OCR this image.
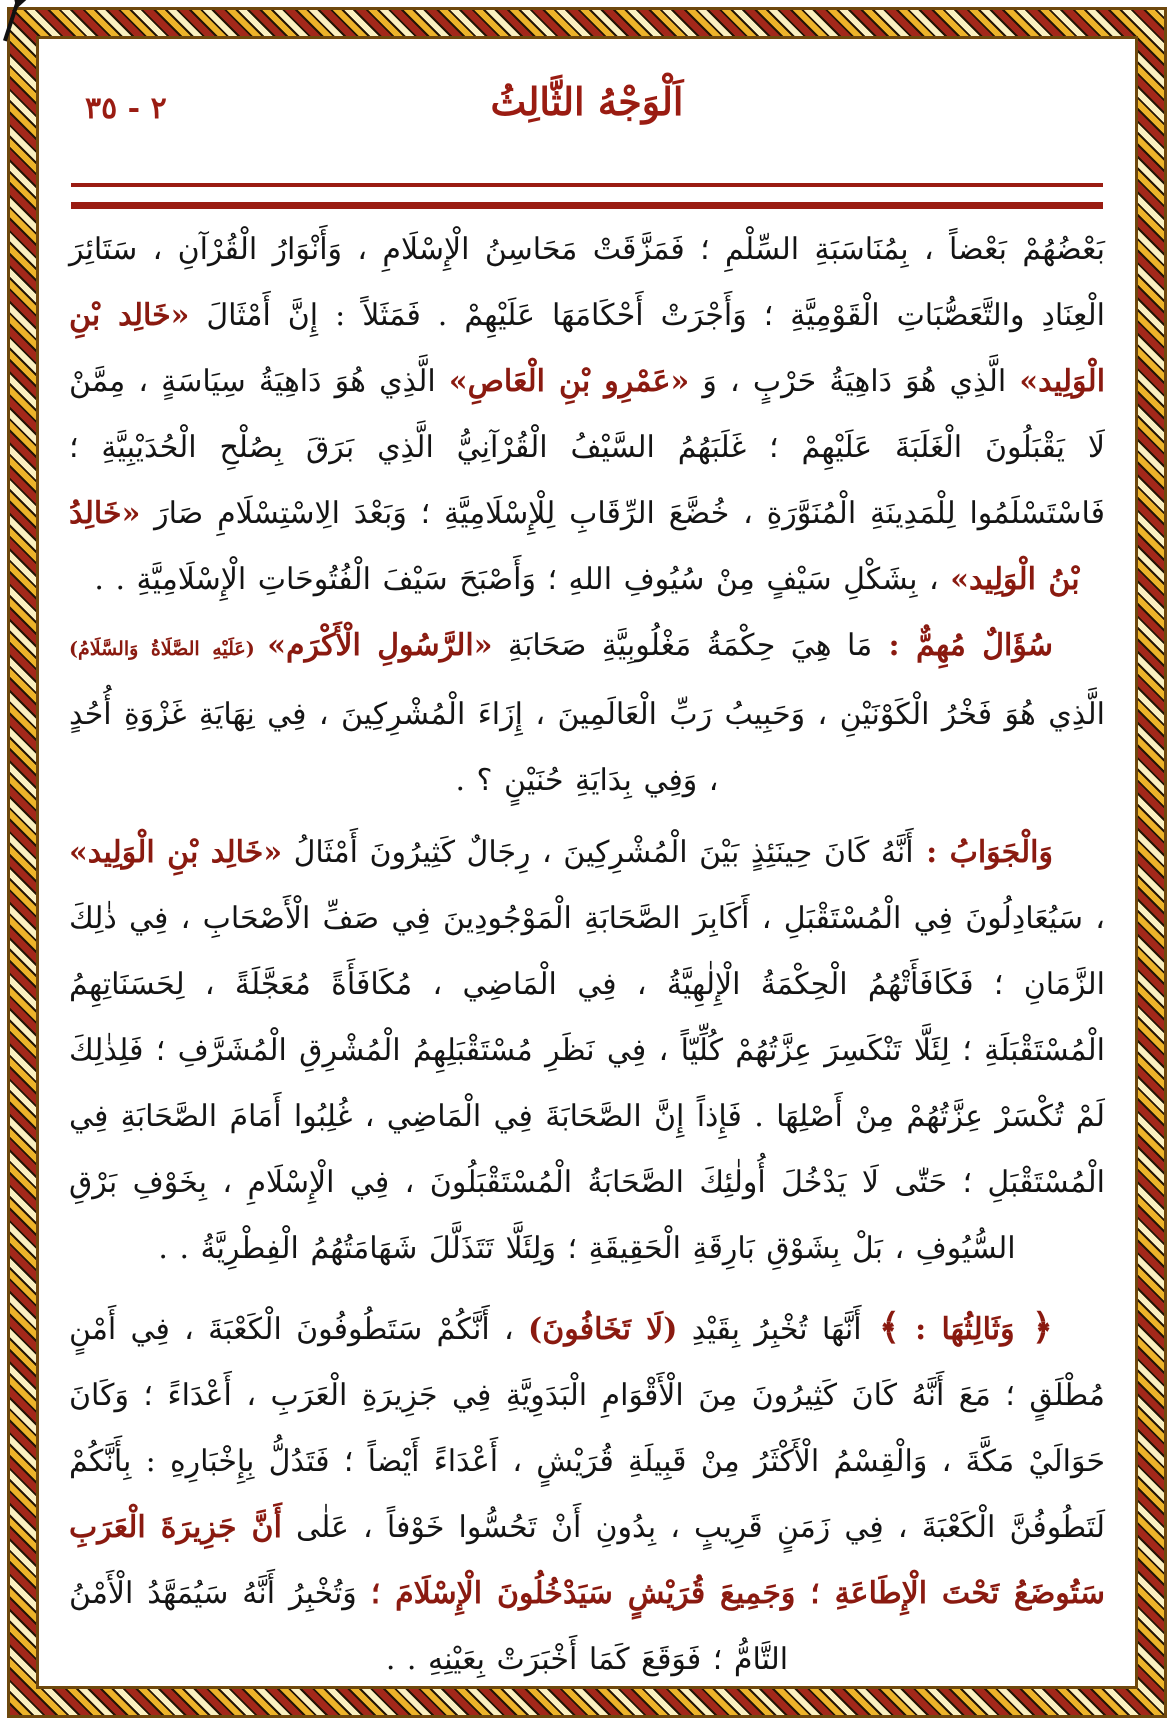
٣٥ - ٢	اَلْوَجْهُ الثَّالِثُ

بَعْضُهُمْ بَعْضاً ، بِمُنَاسَبَةِ السِّلْمِ ؛ فَمَزَّقَتْ مَحَاسِنُ الْإِسْلَامِ ، وَأَنْوَارُ الْقُرْآنِ ، سَتَائِرَ الْعِنَادِ والتَّعَصُّبَاتِ الْقَوْمِيَّةِ ؛ وَأَجْرَتْ أَحْكَامَهَا عَلَيْهِمْ . فَمَثَلاً : إِنَّ أَمْثَالَ «خَالِد بْنِ الْوَلِيد» الَّذِي هُوَ دَاهِيَةُ حَرْبٍ ، وَ «عَمْرِو بْنِ الْعَاصِ» الَّذِي هُوَ دَاهِيَةُ سِيَاسَةٍ ، مِمَّنْ لَا يَقْبَلُونَ الْغَلَبَةَ عَلَيْهِمْ ؛ غَلَبَهُمُ السَّيْفُ الْقُرْآنِيُّ الَّذِي بَرَقَ بِصُلْحِ الْحُدَيْبِيَّةِ ؛ فَاسْتَسْلَمُوا لِلْمَدِينَةِ الْمُنَوَّرَةِ ، خُضَّعَ الرِّقَابِ لِلْإِسْلَامِيَّةِ ؛ وَبَعْدَ الِاسْتِسْلَامِ صَارَ «خَالِدُ بْنُ الْوَلِيد» ، بِشَكْلِ سَيْفٍ مِنْ سُيُوفِ اللهِ ؛ وَأَصْبَحَ سَيْفَ الْفُتُوحَاتِ الْإِسْلَامِيَّةِ . .

سُؤَالٌ مُهِمٌّ : مَا هِيَ حِكْمَةُ مَغْلُوبِيَّةِ صَحَابَةِ «الرَّسُولِ الْأَكْرَم» (عَلَيْهِ الصَّلَاةُ وَالسَّلَامُ) الَّذِي هُوَ فَخْرُ الْكَوْنَيْنِ ، وَحَبِيبُ رَبِّ الْعَالَمِينَ ، إِزَاءَ الْمُشْرِكِينَ ، فِي نِهَايَةِ غَزْوَةِ أُحُدٍ ، وَفِي بِدَايَةِ حُنَيْنٍ ؟ .

وَالْجَوَابُ : أَنَّهُ كَانَ حِينَئِذٍ بَيْنَ الْمُشْرِكِينَ ، رِجَالٌ كَثِيرُونَ أَمْثَالُ «خَالِد بْنِ الْوَلِيد» ، سَيُعَادِلُونَ فِي الْمُسْتَقْبَلِ ، أَكَابِرَ الصَّحَابَةِ الْمَوْجُودِينَ فِي صَفِّ الْأَصْحَابِ ، فِي ذٰلِكَ الزَّمَانِ ؛ فَكَافَأَتْهُمُ الْحِكْمَةُ الْإِلٰهِيَّةُ ، فِي الْمَاضِي ، مُكَافَأَةً مُعَجَّلَةً ، لِحَسَنَاتِهِمُ الْمُسْتَقْبَلَةِ ؛ لِئَلَّا تَنْكَسِرَ عِزَّتُهُمْ كُلِّيّاً ، فِي نَظَرِ مُسْتَقْبَلِهِمُ الْمُشْرِقِ الْمُشَرَّفِ ؛ فَلِذٰلِكَ لَمْ تُكْسَرْ عِزَّتُهُمْ مِنْ أَصْلِهَا . فَإِذاً إِنَّ الصَّحَابَةَ فِي الْمَاضِي ، غُلِبُوا أَمَامَ الصَّحَابَةِ فِي الْمُسْتَقْبَلِ ؛ حَتّٰى لَا يَدْخُلَ أُولٰئِكَ الصَّحَابَةُ الْمُسْتَقْبَلُونَ ، فِي الْإِسْلَامِ ، بِخَوْفِ بَرْقِ السُّيُوفِ ، بَلْ بِشَوْقِ بَارِقَةِ الْحَقِيقَةِ ؛ وَلِئَلَّا تَتَذَلَّلَ شَهَامَتُهُمُ الْفِطْرِيَّةُ . .

﴿ وَثَالِثُهَا : ﴾ أَنَّهَا تُخْبِرُ بِقَيْدِ (لَا تَخَافُونَ) ، أَنَّكُمْ سَتَطُوفُونَ الْكَعْبَةَ ، فِي أَمْنٍ مُطْلَقٍ ؛ مَعَ أَنَّهُ كَانَ كَثِيرُونَ مِنَ الْأَقْوَامِ الْبَدَوِيَّةِ فِي جَزِيرَةِ الْعَرَبِ ، أَعْدَاءً ؛ وَكَانَ حَوَالَيْ مَكَّةَ ، وَالْقِسْمُ الْأَكْثَرُ مِنْ قَبِيلَةِ قُرَيْشٍ ، أَعْدَاءً أَيْضاً ؛ فَتَدُلُّ بِإِخْبَارِهِ : بِأَنَّكُمْ لَتَطُوفُنَّ الْكَعْبَةَ ، فِي زَمَنٍ قَرِيبٍ ، بِدُونِ أَنْ تَحُسُّوا خَوْفاً ، عَلٰى أَنَّ جَزِيرَةَ الْعَرَبِ سَتُوضَعُ تَحْتَ الْإِطَاعَةِ ؛ وَجَمِيعَ قُرَيْشٍ سَيَدْخُلُونَ الْإِسْلَامَ ؛ وَتُخْبِرُ أَنَّهُ سَيُمَهَّدُ الْأَمْنُ التَّامُّ ؛ فَوَقَعَ كَمَا أَخْبَرَتْ بِعَيْنِهِ . .
